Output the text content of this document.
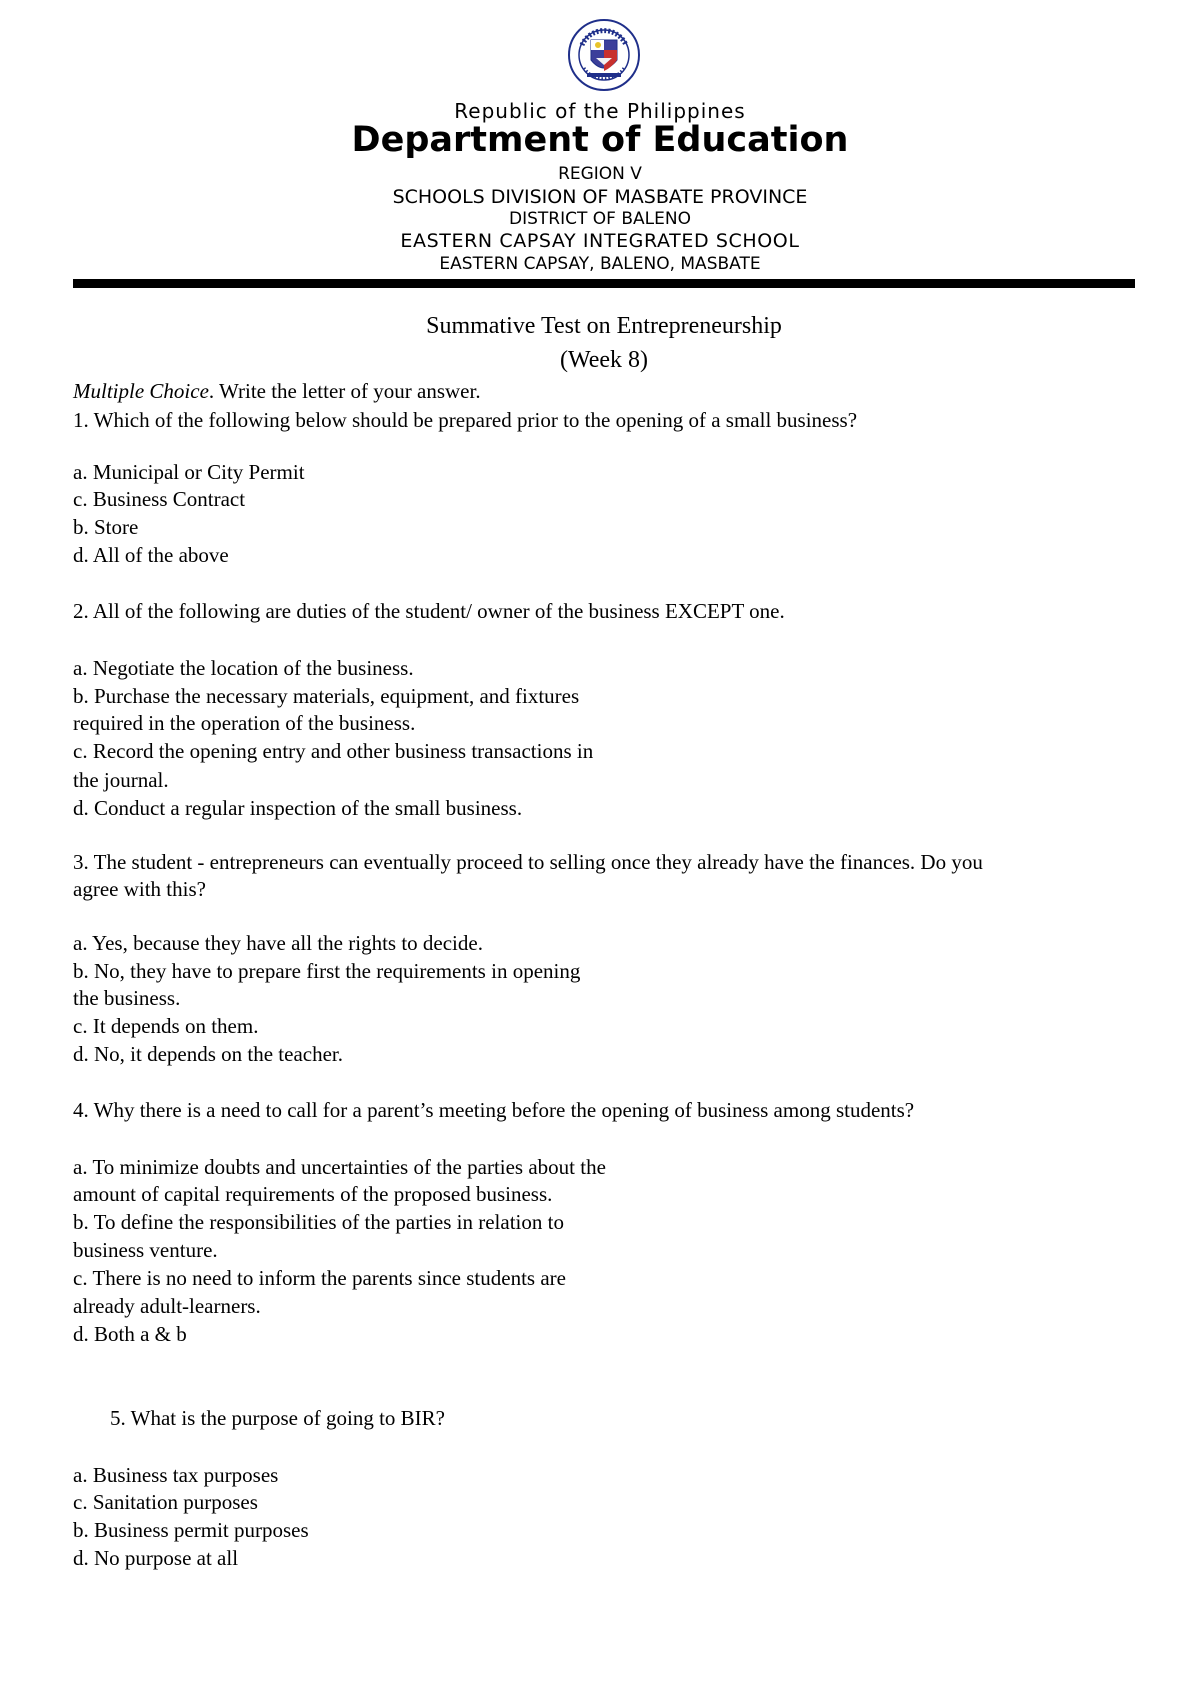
Republic of the Philippines
Department of Education
REGION V
SCHOOLS DIVISION OF MASBATE PROVINCE
DISTRICT OF BALENO
EASTERN CAPSAY INTEGRATED SCHOOL
EASTERN CAPSAY, BALENO, MASBATE
Summative Test on Entrepreneurship
(Week 8)
Multiple Choice. Write the letter of your answer.
1. Which of the following below should be prepared prior to the opening of a small business?
a. Municipal or City Permit
c. Business Contract
b. Store
d. All of the above
2. All of the following are duties of the student/ owner of the business EXCEPT one.
a. Negotiate the location of the business.
b. Purchase the necessary materials, equipment, and fixtures
required in the operation of the business.
c. Record the opening entry and other business transactions in
the journal.
d. Conduct a regular inspection of the small business.
3. The student - entrepreneurs can eventually proceed to selling once they already have the finances. Do you
agree with this?
a. Yes, because they have all the rights to decide.
b. No, they have to prepare first the requirements in opening
the business.
c. It depends on them.
d. No, it depends on the teacher.
4. Why there is a need to call for a parent’s meeting before the opening of business among students?
a. To minimize doubts and uncertainties of the parties about the
amount of capital requirements of the proposed business.
b. To define the responsibilities of the parties in relation to
business venture.
c. There is no need to inform the parents since students are
already adult-learners.
d. Both a & b
5. What is the purpose of going to BIR?
a. Business tax purposes
c. Sanitation purposes
b. Business permit purposes
d. No purpose at all
